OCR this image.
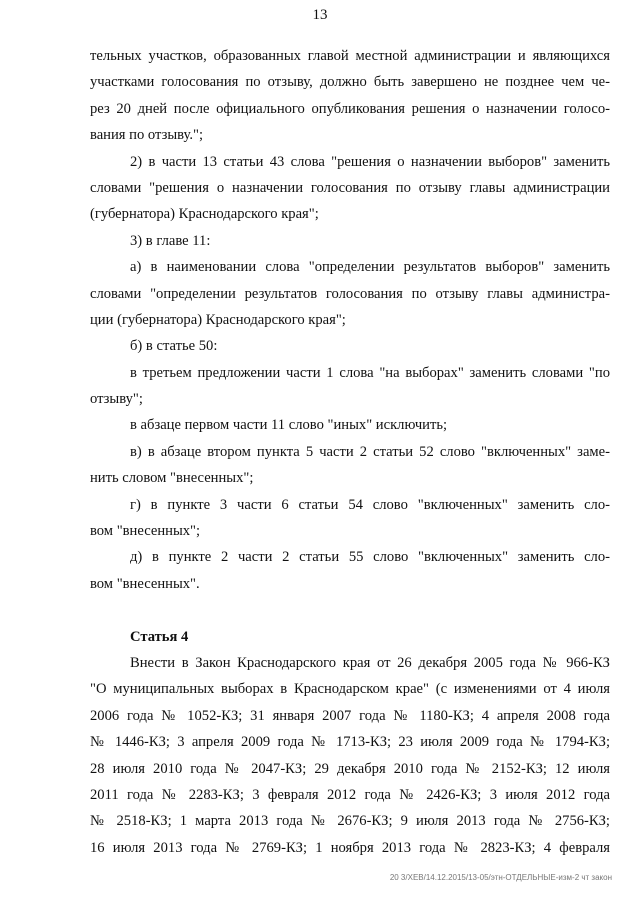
13
тельных участков, образованных главой местной администрации и являющихся
участками голосования по отзыву, должно быть завершено не позднее чем че-
рез 20 дней после официального опубликования решения о назначении голосо-
вания по отзыву.";
2) в части 13 статьи 43 слова "решения о назначении выборов" заменить
словами "решения о назначении голосования по отзыву главы администрации
(губернатора) Краснодарского края";
3) в главе 11:
а) в наименовании слова "определении результатов выборов" заменить
словами "определении результатов голосования по отзыву главы администра-
ции (губернатора) Краснодарского края";
б) в статье 50:
в третьем предложении части 1 слова "на выборах" заменить словами "по
отзыву";
в абзаце первом части 11 слово "иных" исключить;
в) в абзаце втором пункта 5 части 2 статьи 52 слово "включенных" заме-
нить словом "внесенных";
г) в пункте 3 части 6 статьи 54 слово "включенных" заменить сло-
вом "внесенных";
д) в пункте 2 части 2 статьи 55 слово "включенных" заменить сло-
вом "внесенных".
Статья 4
Внести в Закон Краснодарского края от 26 декабря 2005 года № 966-КЗ
"О муниципальных выборах в Краснодарском крае" (с изменениями от 4 июля
2006 года № 1052-КЗ; 31 января 2007 года № 1180-КЗ; 4 апреля 2008 года
№ 1446-КЗ; 3 апреля 2009 года № 1713-КЗ; 23 июля 2009 года № 1794-КЗ;
28 июля 2010 года № 2047-КЗ; 29 декабря 2010 года № 2152-КЗ; 12 июля
2011 года № 2283-КЗ; 3 февраля 2012 года № 2426-КЗ; 3 июля 2012 года
№ 2518-КЗ; 1 марта 2013 года № 2676-КЗ; 9 июля 2013 года № 2756-КЗ;
16 июля 2013 года № 2769-КЗ; 1 ноября 2013 года № 2823-КЗ; 4 февраля
20 3/ХЕВ/14.12.2015/13-05/этн-ОТДЕЛЬНЫЕ-изм-2 чт закон
